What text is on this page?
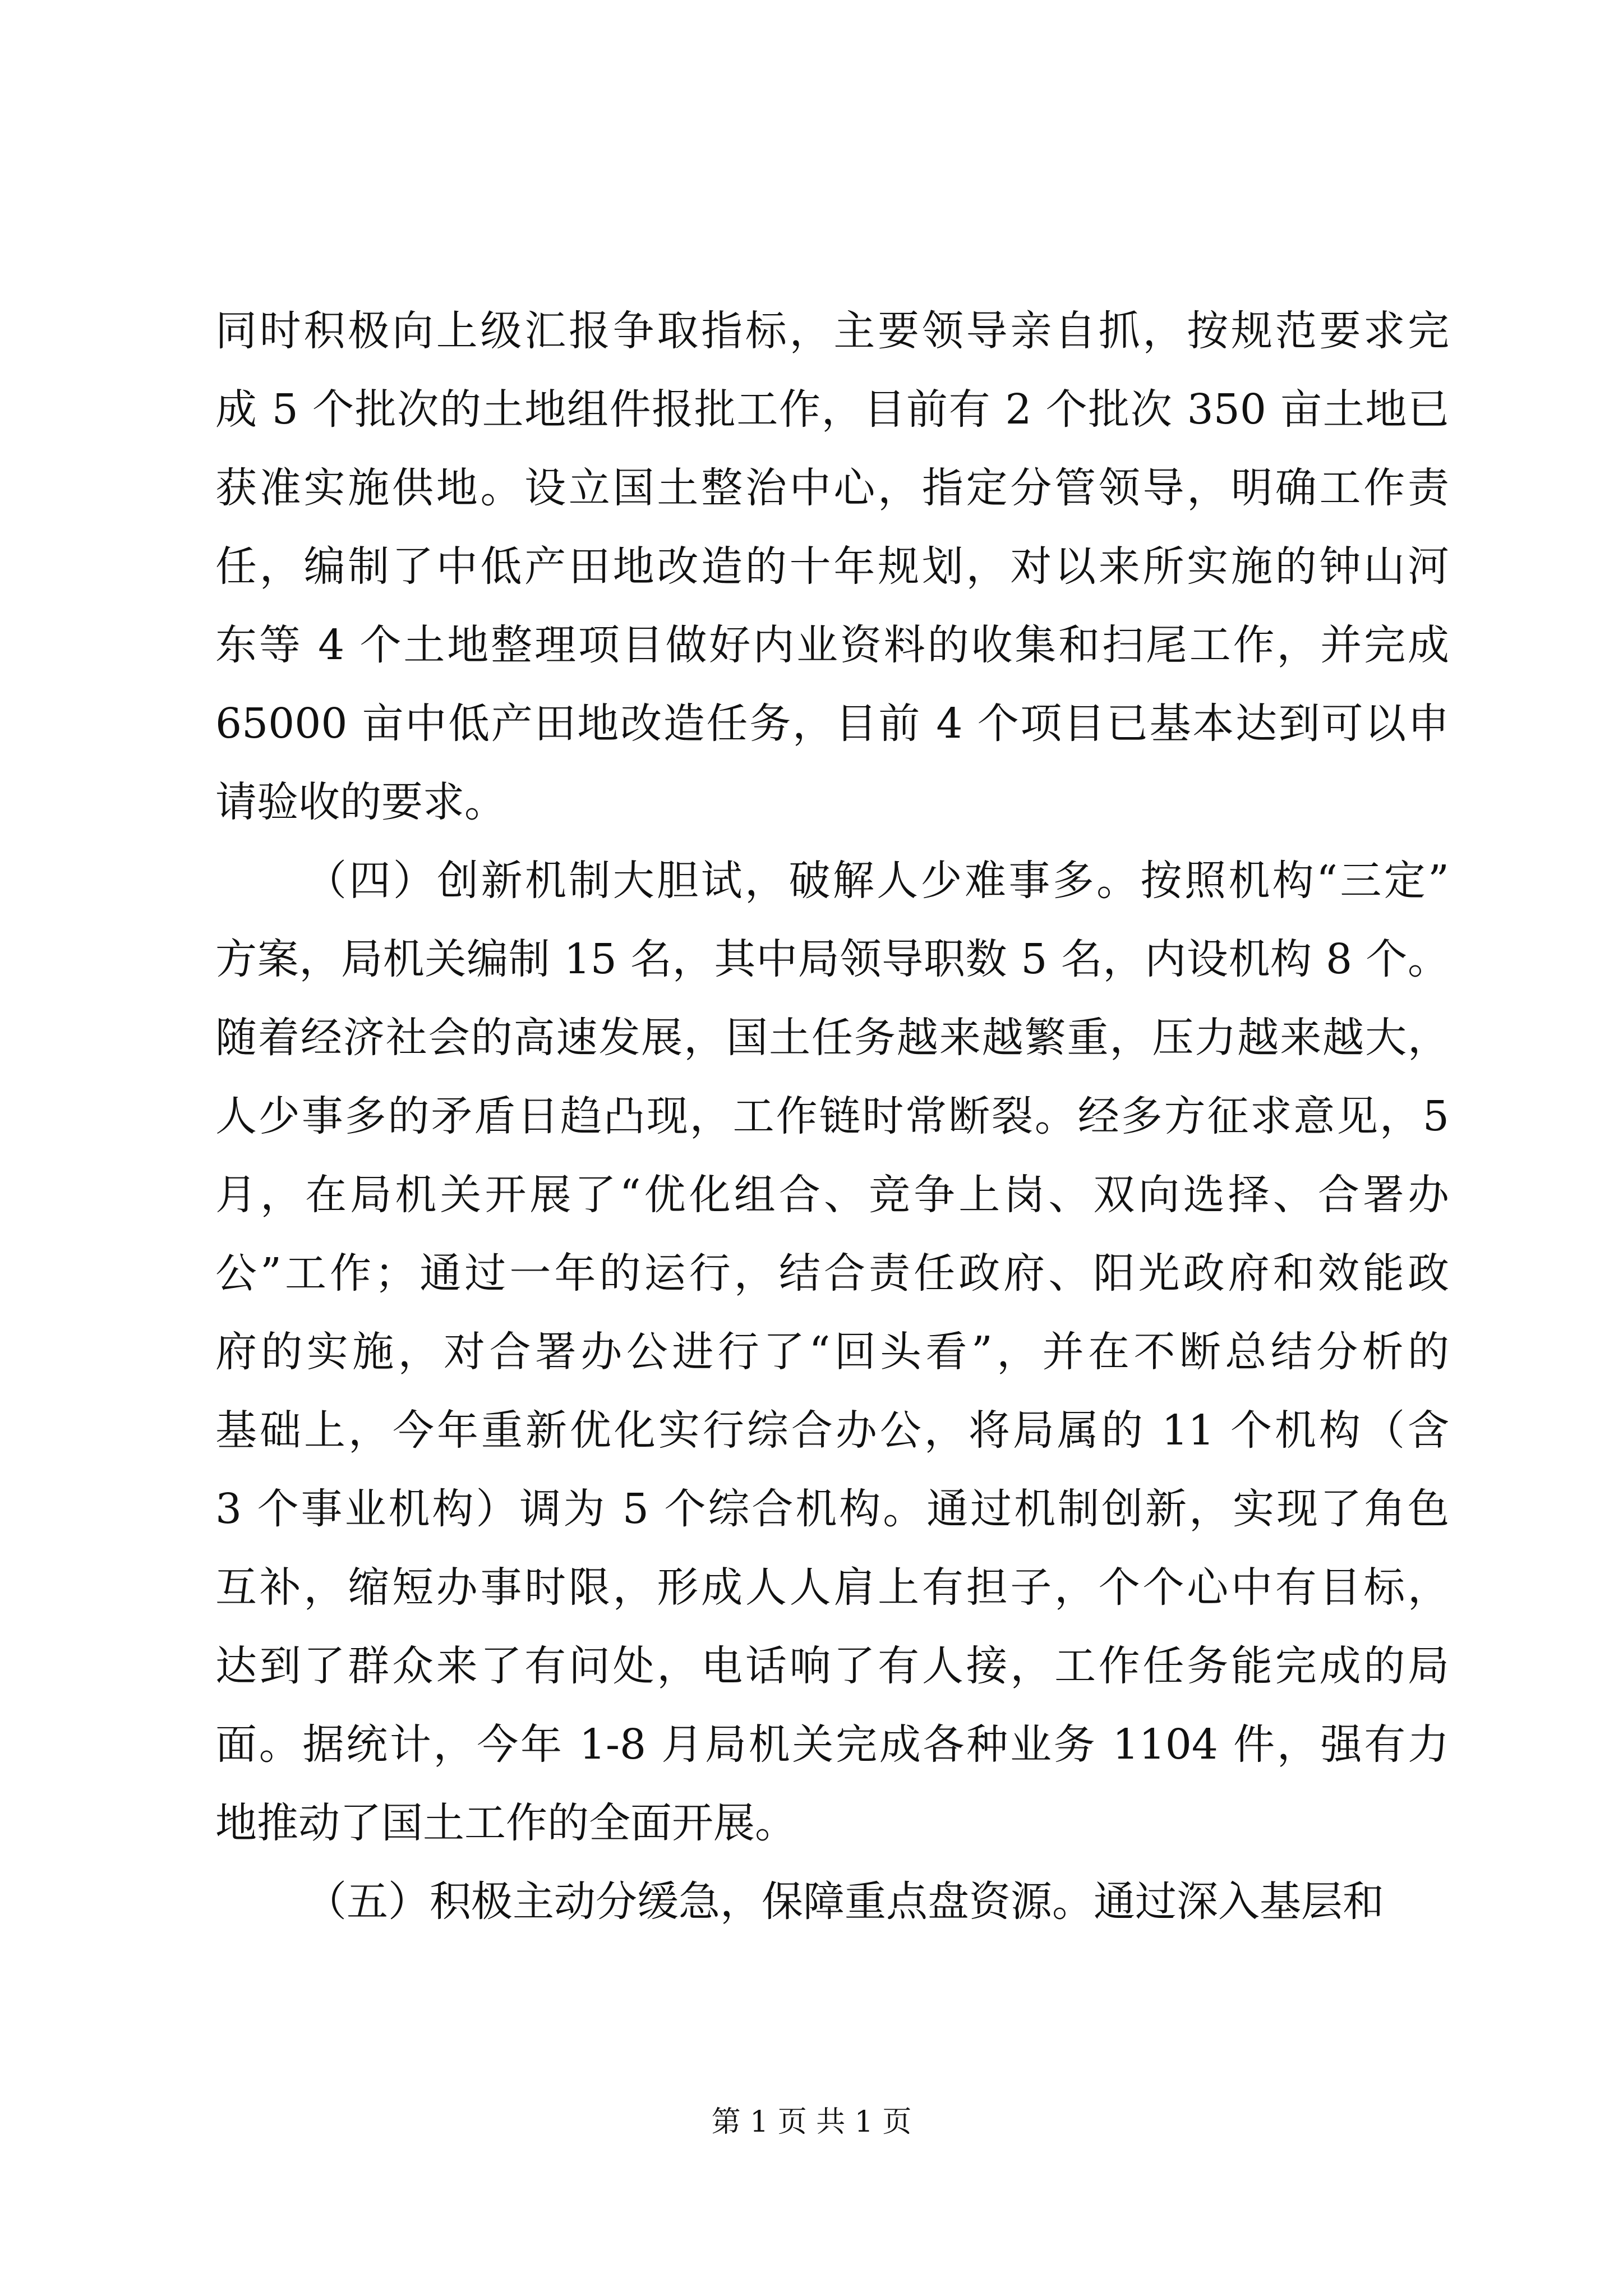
同时积极向上级汇报争取指标，主要领导亲自抓，按规范要求完
成 5 个批次的土地组件报批工作，目前有 2 个批次 350 亩土地已
获准实施供地。设立国土整治中心，指定分管领导，明确工作责
任，编制了中低产田地改造的十年规划，对以来所实施的钟山河
东等 4 个土地整理项目做好内业资料的收集和扫尾工作，并完成
65000 亩中低产田地改造任务，目前 4 个项目已基本达到可以申
请验收的要求。
（四）创新机制大胆试，破解人少难事多。按照机构“三定”
方案，局机关编制 15 名，其中局领导职数 5 名，内设机构 8 个。
随着经济社会的高速发展，国土任务越来越繁重，压力越来越大，
人少事多的矛盾日趋凸现，工作链时常断裂。经多方征求意见，5
月，在局机关开展了“优化组合、竞争上岗、双向选择、合署办
公”工作；通过一年的运行，结合责任政府、阳光政府和效能政
府的实施，对合署办公进行了“回头看”，并在不断总结分析的
基础上，今年重新优化实行综合办公，将局属的 11 个机构（含
3 个事业机构）调为 5 个综合机构。通过机制创新，实现了角色
互补，缩短办事时限，形成人人肩上有担子，个个心中有目标，
达到了群众来了有问处，电话响了有人接，工作任务能完成的局
面。据统计，今年 1-8 月局机关完成各种业务 1104 件，强有力
地推动了国土工作的全面开展。
（五）积极主动分缓急，保障重点盘资源。通过深入基层和
第 1 页 共 1 页
